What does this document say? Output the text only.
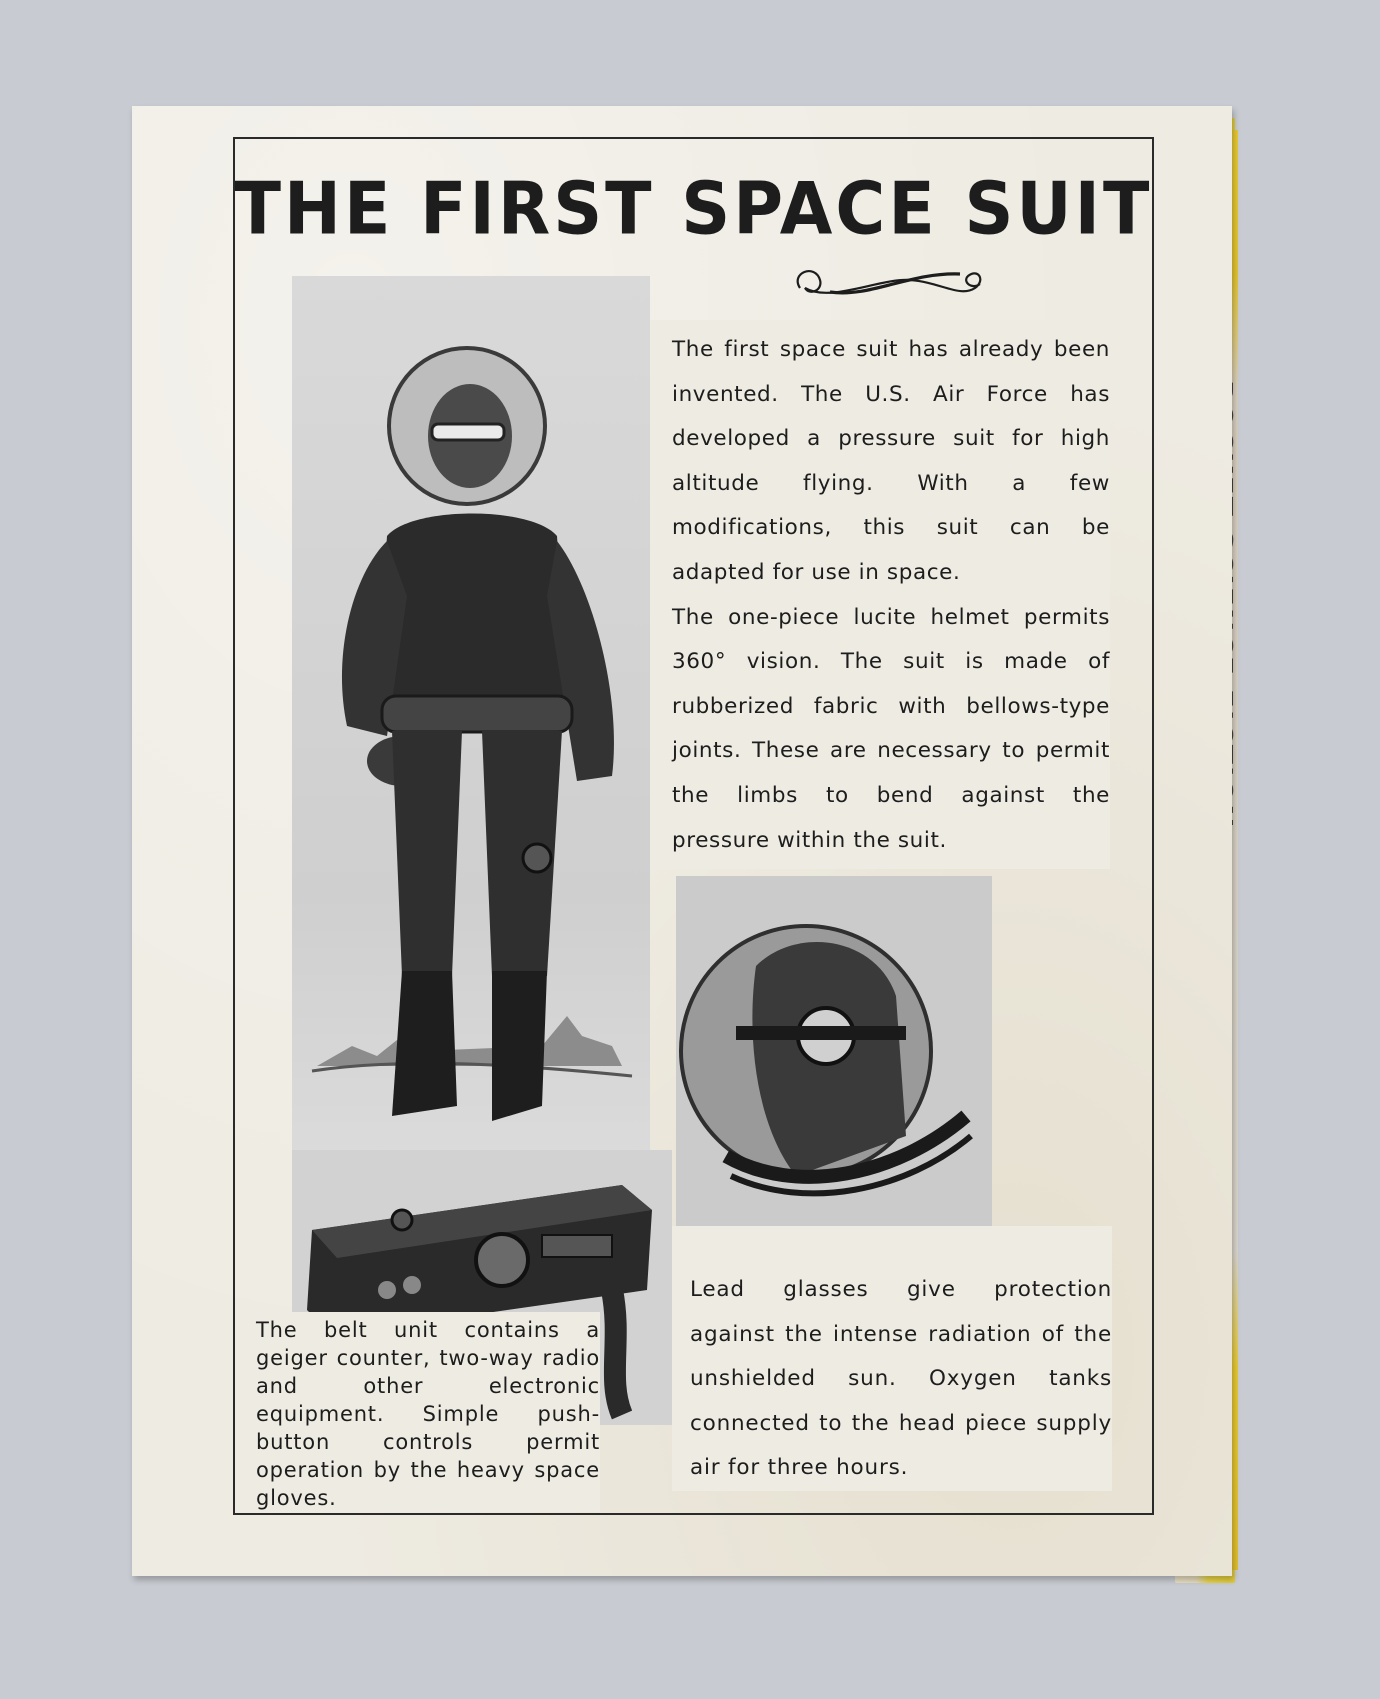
THE FIRST SPACE SUIT

The first space suit has already been invented. The U.S. Air Force has developed a pressure suit for high altitude flying. With a few modifications, this suit can be adapted for use in space.

The one-piece lucite helmet permits 360° vision. The suit is made of rubberized fabric with bellows-type joints. These are necessary to permit the limbs to bend against the pressure within the suit.

The belt unit contains a geiger counter, two-way radio and other electronic equipment. Simple push-button controls permit operation by the heavy space gloves.

Lead glasses give protection against the intense radiation of the unshielded sun. Oxygen tanks connected to the head piece supply air for three hours.
